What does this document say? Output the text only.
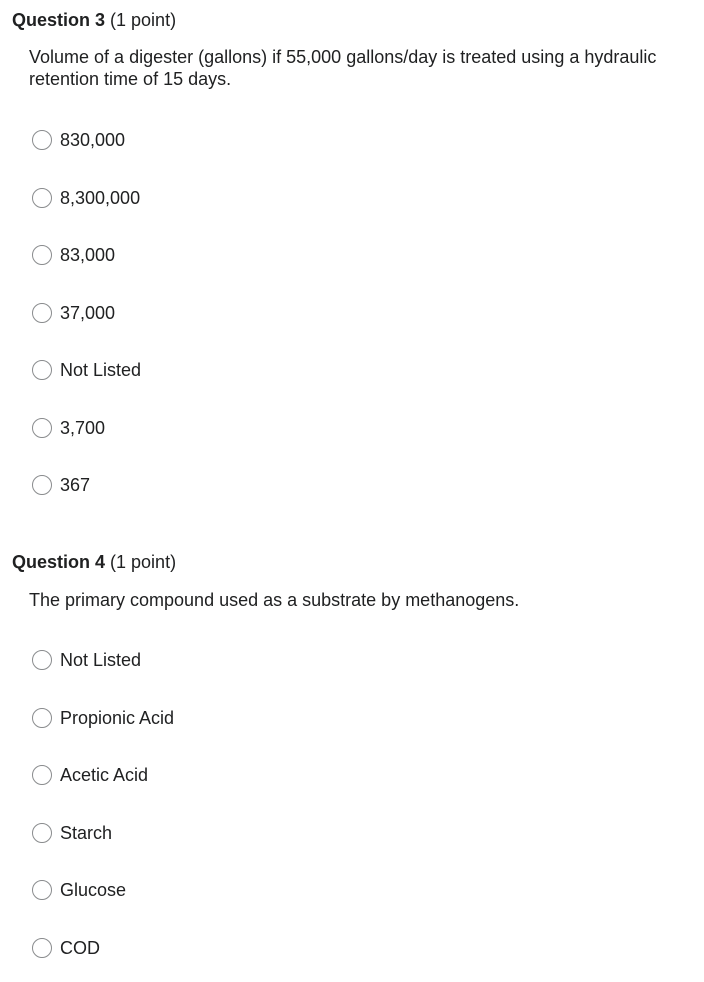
Question 3 (1 point)
Volume of a digester (gallons) if 55,000 gallons/day is treated using a hydraulic retention time of 15 days.
830,000
8,300,000
83,000
37,000
Not Listed
3,700
367
Question 4 (1 point)
The primary compound used as a substrate by methanogens.
Not Listed
Propionic Acid
Acetic Acid
Starch
Glucose
COD
